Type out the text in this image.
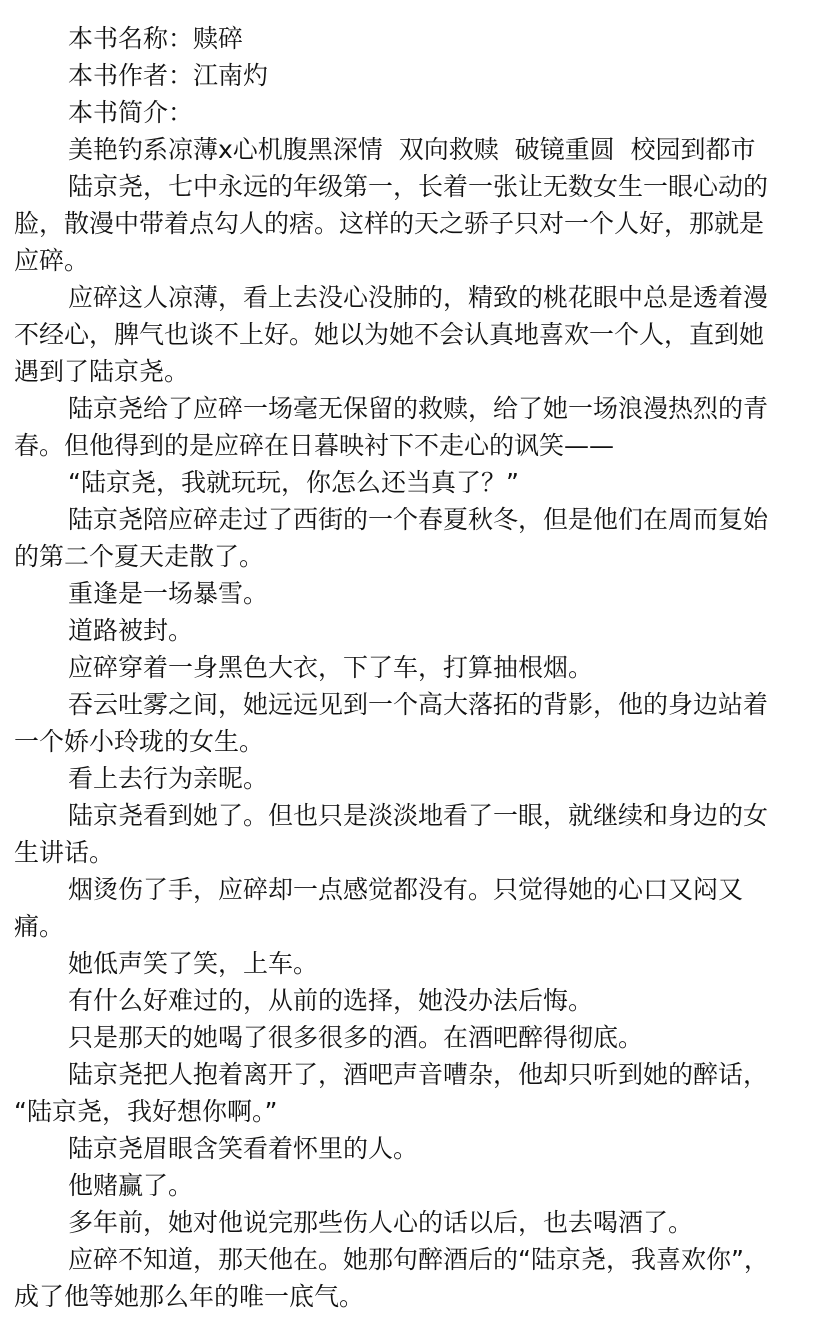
本书名称：赎碎
本书作者：江南灼
本书简介：
美艳钓系凉薄x心机腹黑深情  双向救赎  破镜重圆  校园到都市
陆京尧，七中永远的年级第一，长着一张让无数女生一眼心动的
脸，散漫中带着点勾人的痞。这样的天之骄子只对一个人好，那就是
应碎。
应碎这人凉薄，看上去没心没肺的，精致的桃花眼中总是透着漫
不经心，脾气也谈不上好。她以为她不会认真地喜欢一个人，直到她
遇到了陆京尧。
陆京尧给了应碎一场毫无保留的救赎，给了她一场浪漫热烈的青
春。但他得到的是应碎在日暮映衬下不走心的讽笑——
“陆京尧，我就玩玩，你怎么还当真了？”
陆京尧陪应碎走过了西街的一个春夏秋冬，但是他们在周而复始
的第二个夏天走散了。
重逢是一场暴雪。
道路被封。
应碎穿着一身黑色大衣，下了车，打算抽根烟。
吞云吐雾之间，她远远见到一个高大落拓的背影，他的身边站着
一个娇小玲珑的女生。
看上去行为亲昵。
陆京尧看到她了。但也只是淡淡地看了一眼，就继续和身边的女
生讲话。
烟烫伤了手，应碎却一点感觉都没有。只觉得她的心口又闷又
痛。
她低声笑了笑，上车。
有什么好难过的，从前的选择，她没办法后悔。
只是那天的她喝了很多很多的酒。在酒吧醉得彻底。
陆京尧把人抱着离开了，酒吧声音嘈杂，他却只听到她的醉话，
“陆京尧，我好想你啊。”
陆京尧眉眼含笑看着怀里的人。
他赌赢了。
多年前，她对他说完那些伤人心的话以后，也去喝酒了。
应碎不知道，那天他在。她那句醉酒后的“陆京尧，我喜欢你”，
成了他等她那么年的唯一底气。
